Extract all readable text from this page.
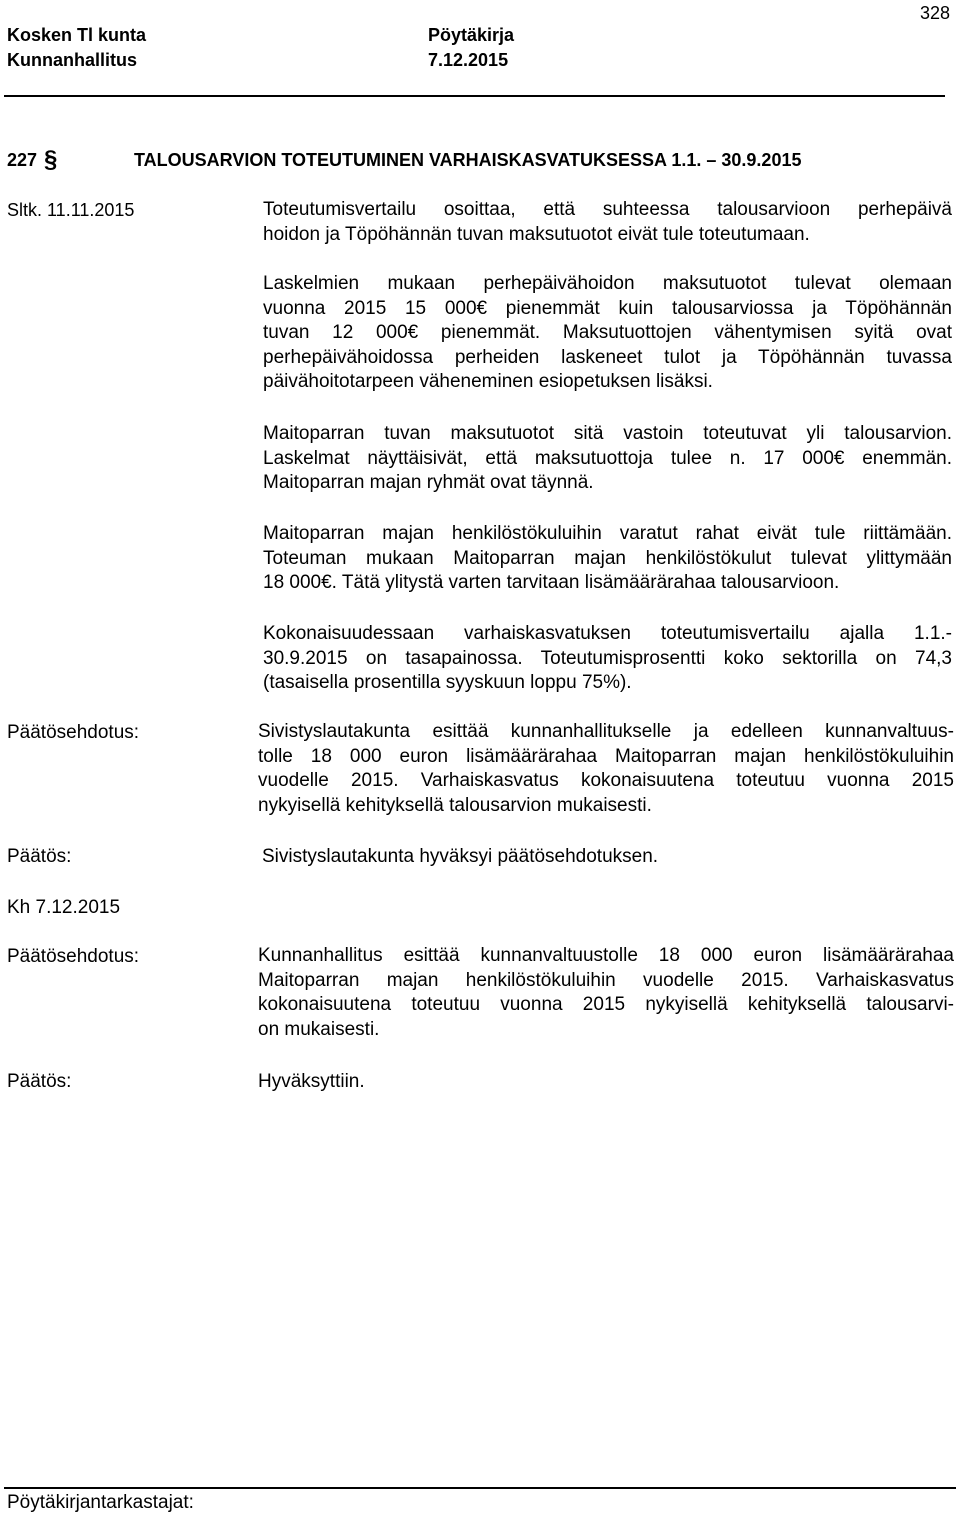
328
Kosken Tl kunta	Pöytäkirja
Kunnanhallitus	7.12.2015
227 §	TALOUSARVION TOTEUTUMINEN VARHAISKASVATUKSESSA 1.1. – 30.9.2015
Sltk. 11.11.2015	Toteutumisvertailu osoittaa, että suhteessa talousarvioon perhepäivä
hoidon ja Töpöhännän tuvan maksutuotot eivät tule toteutumaan.
Laskelmien mukaan perhepäivähoidon maksutuotot tulevat olemaan
vuonna 2015 15 000€ pienemmät kuin talousarviossa ja Töpöhännän
tuvan 12 000€ pienemmät. Maksutuottojen vähentymisen syitä ovat
perhepäivähoidossa perheiden laskeneet tulot ja Töpöhännän tuvassa
päivähoitotarpeen väheneminen esiopetuksen lisäksi.
Maitoparran tuvan maksutuotot sitä vastoin toteutuvat yli talousarvion.
Laskelmat näyttäisivät, että maksutuottoja tulee n. 17 000€ enemmän.
Maitoparran majan ryhmät ovat täynnä.
Maitoparran majan henkilöstökuluihin varatut rahat eivät tule riittämään.
Toteuman mukaan Maitoparran majan henkilöstökulut tulevat ylittymään
18 000€. Tätä ylitystä varten tarvitaan lisämäärärahaa talousarvioon.
Kokonaisuudessaan varhaiskasvatuksen toteutumisvertailu ajalla 1.1.-
30.9.2015 on tasapainossa. Toteutumisprosentti koko sektorilla on 74,3
(tasaisella prosentilla syyskuun loppu 75%).
Päätösehdotus:	Sivistyslautakunta esittää kunnanhallitukselle ja edelleen kunnanvaltuus-
tolle 18 000 euron lisämäärärahaa Maitoparran majan henkilöstökuluihin
vuodelle 2015. Varhaiskasvatus kokonaisuutena toteutuu vuonna 2015
nykyisellä kehityksellä talousarvion mukaisesti.
Päätös:	Sivistyslautakunta hyväksyi päätösehdotuksen.
Kh 7.12.2015
Päätösehdotus:	Kunnanhallitus esittää kunnanvaltuustolle 18 000 euron lisämäärärahaa
Maitoparran majan henkilöstökuluihin vuodelle 2015. Varhaiskasvatus
kokonaisuutena toteutuu vuonna 2015 nykyisellä kehityksellä talousarvi-
on mukaisesti.
Päätös:	Hyväksyttiin.
Pöytäkirjantarkastajat:
